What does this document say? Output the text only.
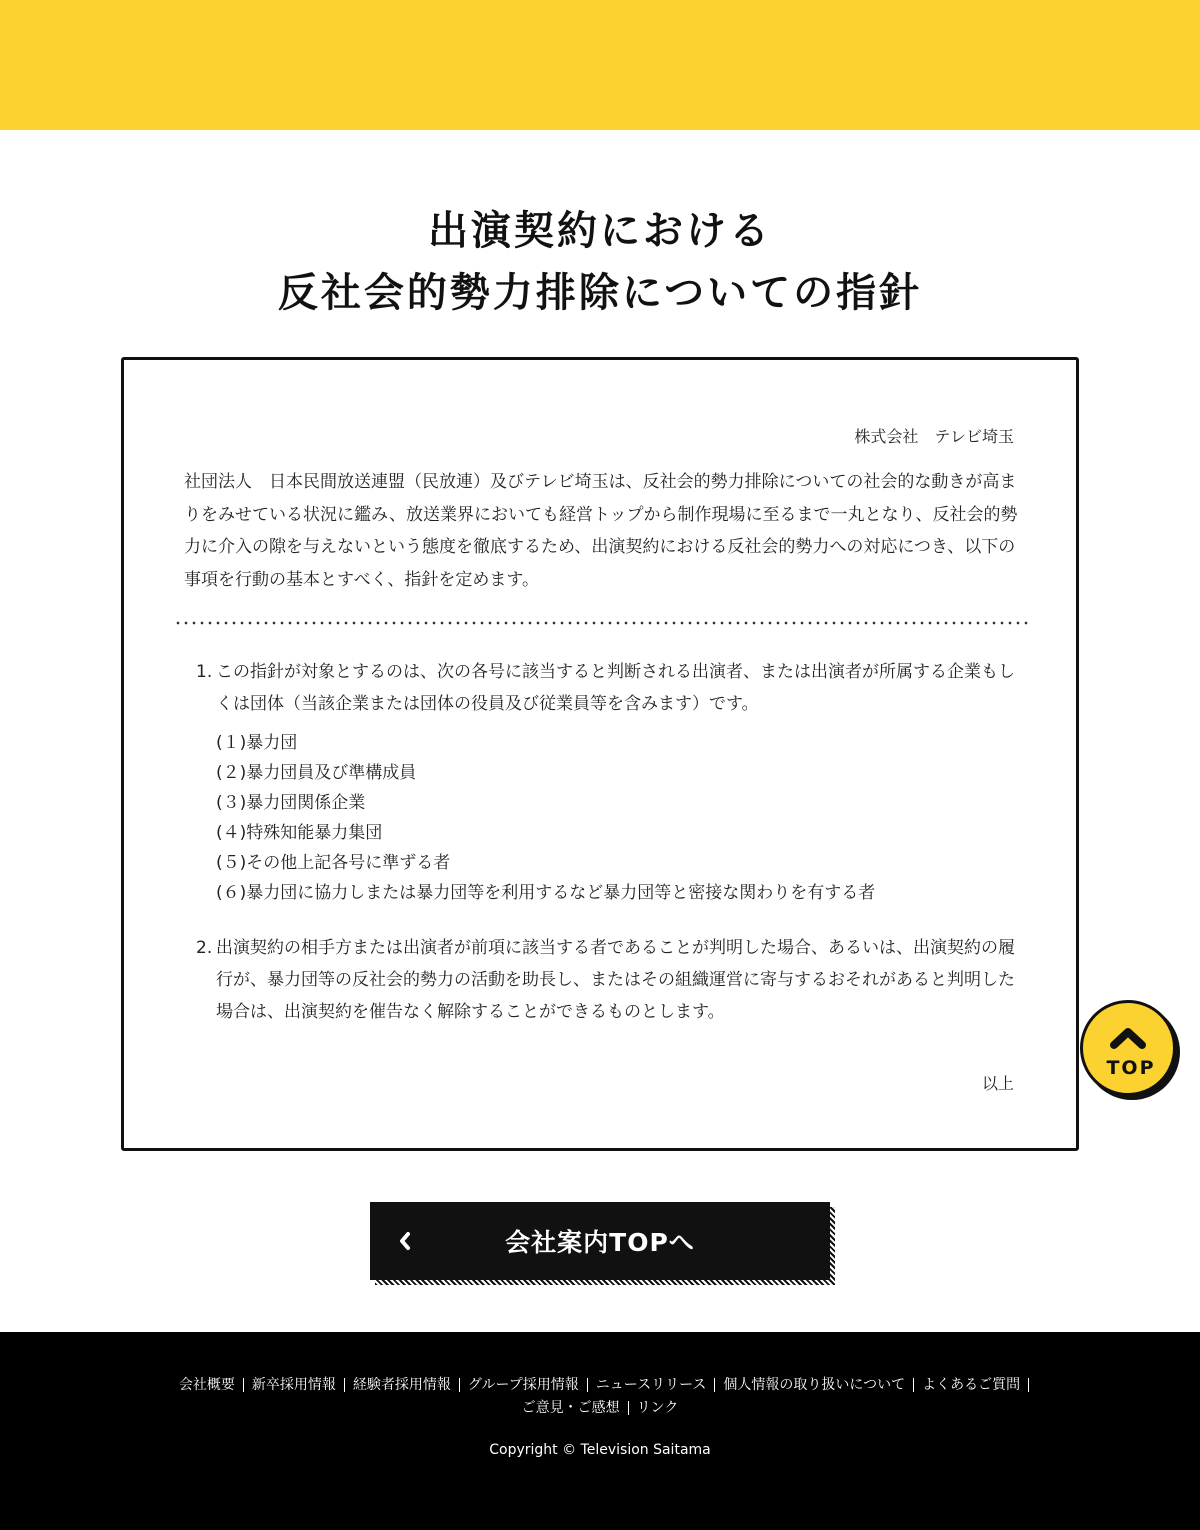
出演契約における
反社会的勢力排除についての指針
株式会社　テレビ埼玉

社団法人　日本民間放送連盟（民放連）及びテレビ埼玉は、反社会的勢力排除についての社会的な動きが高まりをみせている状況に鑑み、放送業界においても経営トップから制作現場に至るまで一丸となり、反社会的勢力に介入の隙を与えないという態度を徹底するため、出演契約における反社会的勢力への対応につき、以下の事項を行動の基本とすべく、指針を定めます。

1. この指針が対象とするのは、次の各号に該当すると判断される出演者、または出演者が所属する企業もしくは団体（当該企業または団体の役員及び従業員等を含みます）です。
(１)暴力団
(２)暴力団員及び準構成員
(３)暴力団関係企業
(４)特殊知能暴力集団
(５)その他上記各号に準ずる者
(６)暴力団に協力しまたは暴力団等を利用するなど暴力団等と密接な関わりを有する者
2. 出演契約の相手方または出演者が前項に該当する者であることが判明した場合、あるいは、出演契約の履行が、暴力団等の反社会的勢力の活動を助長し、またはその組織運営に寄与するおそれがあると判明した場合は、出演契約を催告なく解除することができるものとします。
以上
TOP
会社案内TOPへ
会社概要 新卒採用情報 経験者採用情報 グループ採用情報 ニュースリリース 個人情報の取り扱いについて よくあるご質問
ご意見・ご感想 リンク
Copyright © Television Saitama
